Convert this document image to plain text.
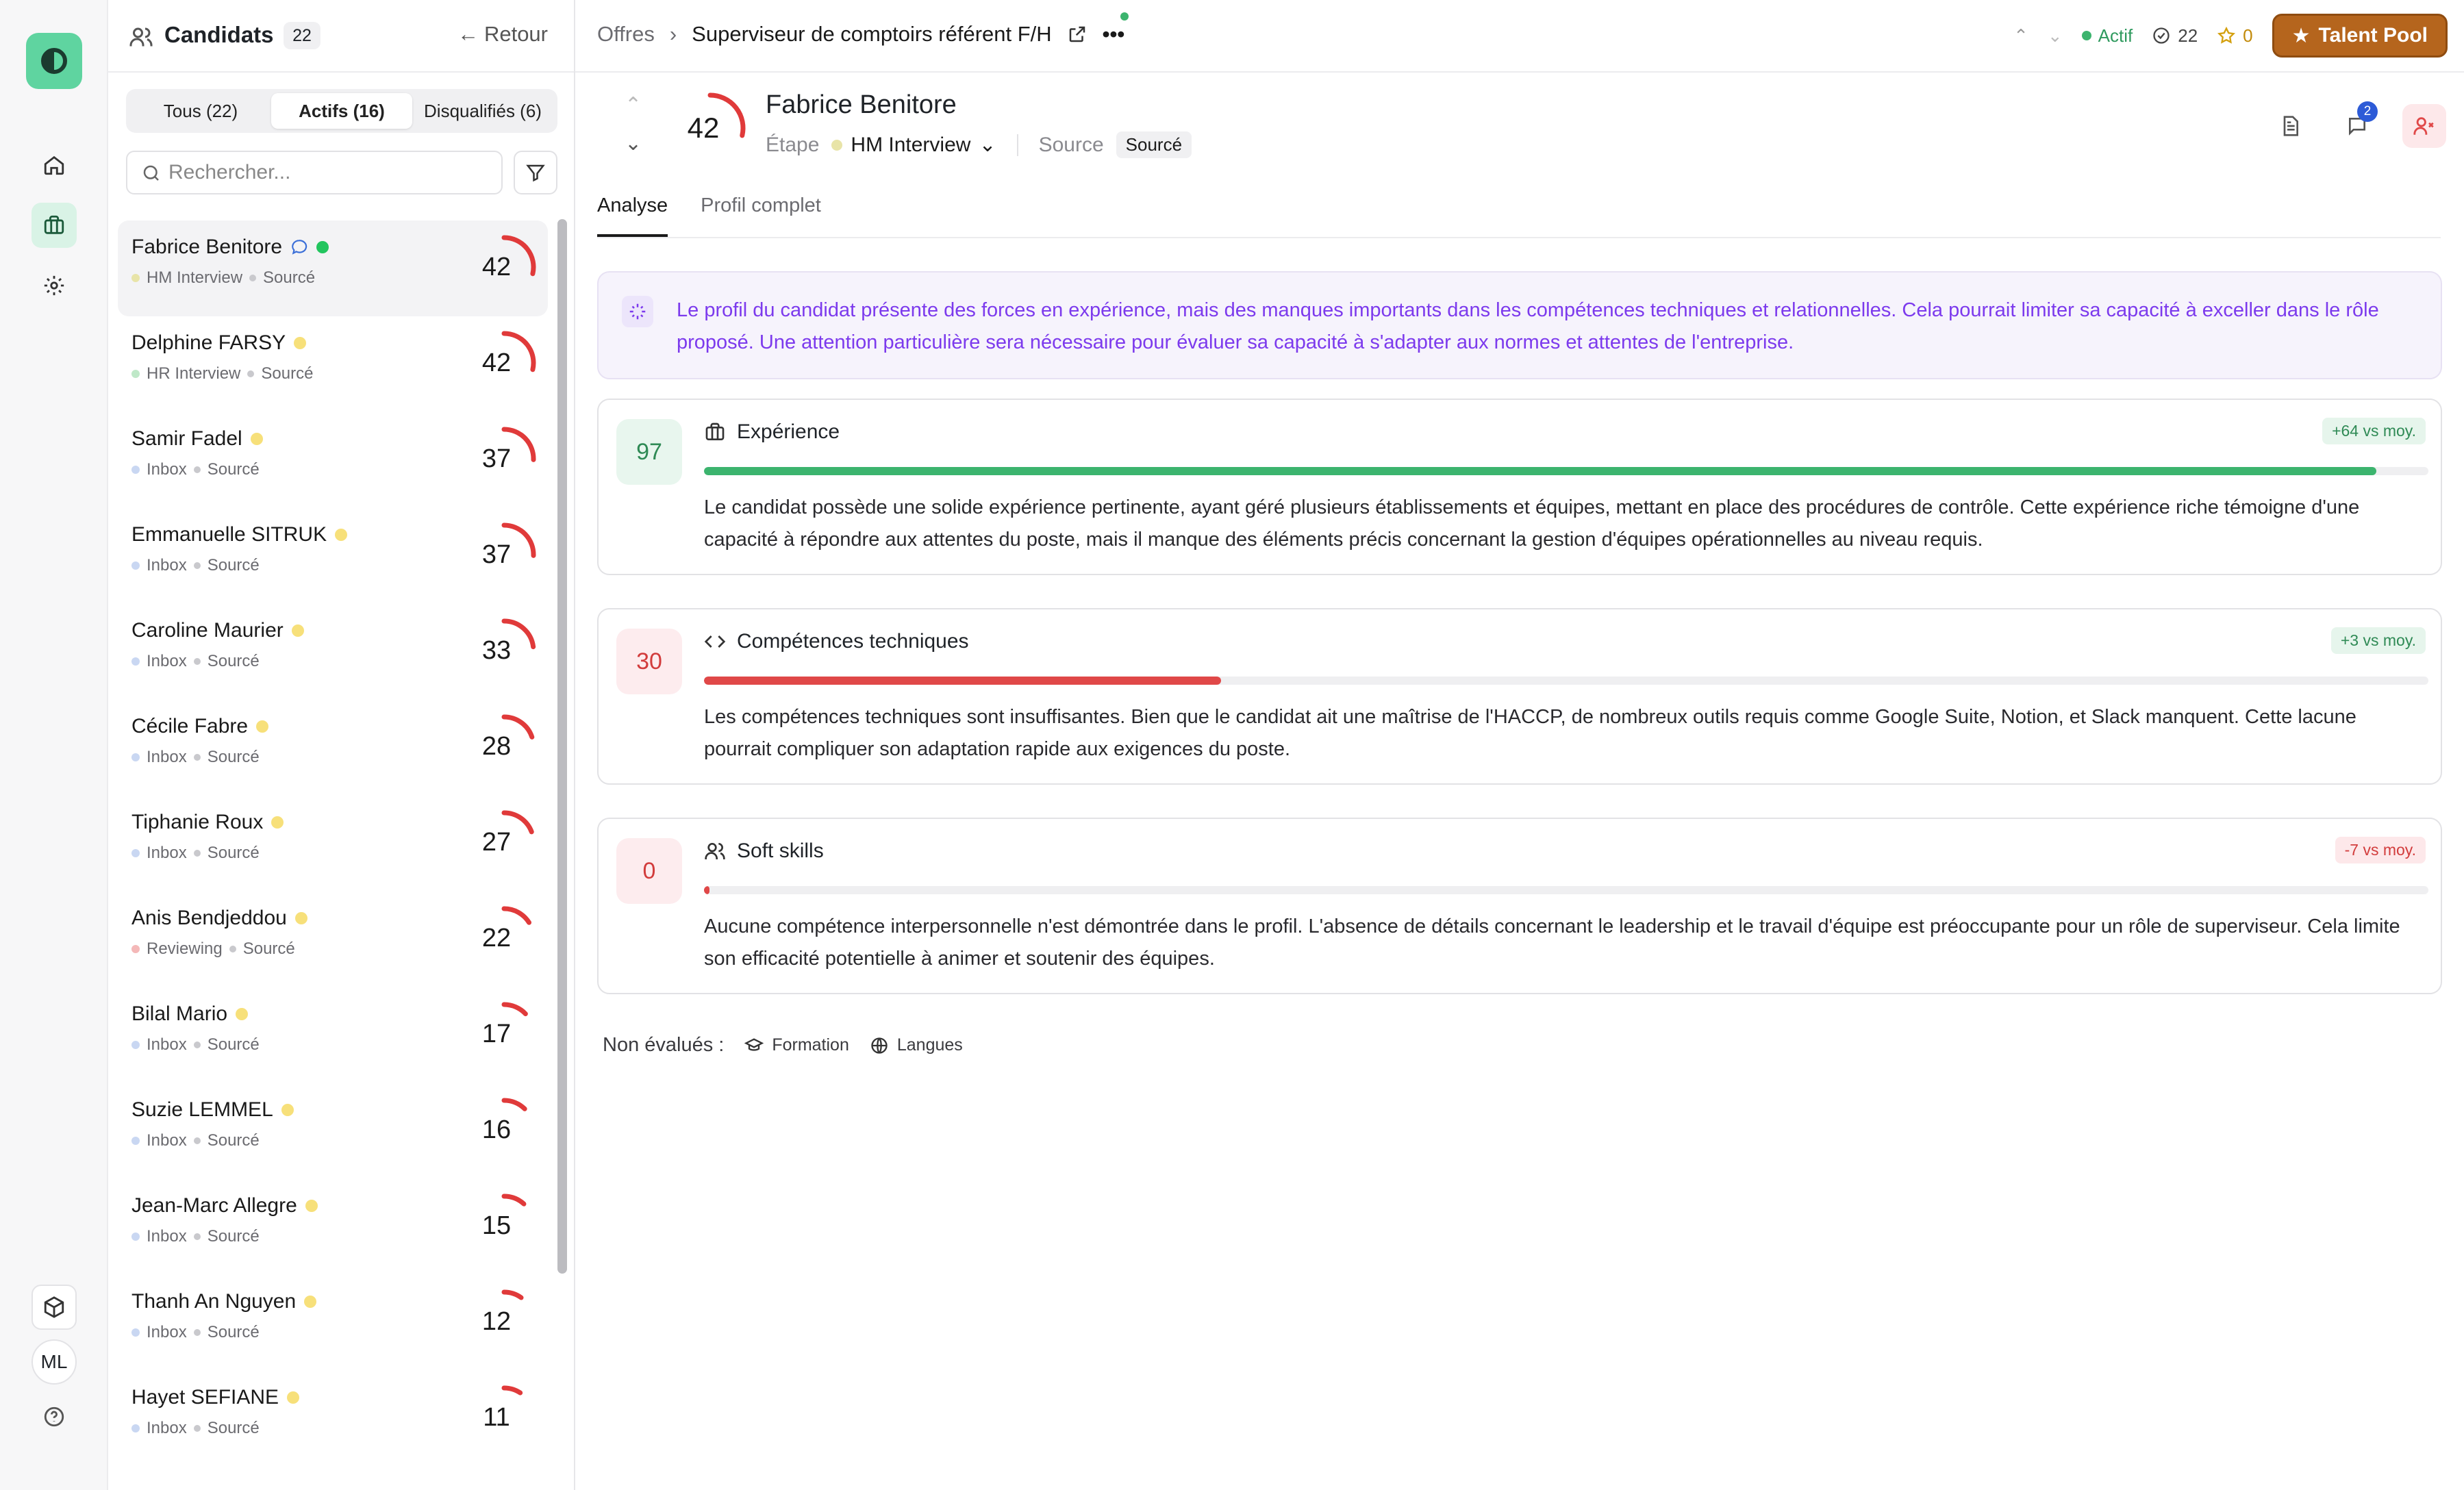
ML
Candidats	22	← Retour
Tous (22)	Actifs (16)	Disqualifiés (6)
Rechercher...
Fabrice Benitore
HM Interview Sourcé	42
Delphine FARSY
HR Interview Sourcé	42
Samir Fadel
Inbox Sourcé	37
Emmanuelle SITRUK
Inbox Sourcé	37
Caroline Maurier
Inbox Sourcé	33
Cécile Fabre
Inbox Sourcé	28
Tiphanie Roux
Inbox Sourcé	27
Anis Bendjeddou
Reviewing Sourcé	22
Bilal Mario
Inbox Sourcé	17
Suzie LEMMEL
Inbox Sourcé	16
Jean-Marc Allegre
Inbox Sourcé	15
Thanh An Nguyen
Inbox Sourcé	12
Hayet SEFIANE
Inbox Sourcé	11
Offres › Superviseur de comptoirs référent F/H •••	⌃ ⌄ Actif	22	0 ★ Talent Pool
⌃
⌄	42
Fabrice Benitore
Étape HM Interview ⌄ Source	Sourcé
2
Analyse Profil complet
Le profil du candidat présente des forces en expérience, mais des manques importants dans les compétences techniques et relationnelles. Cela pourrait limiter sa capacité à exceller dans le rôle proposé. Une attention particulière sera nécessaire pour évaluer sa capacité à s'adapter aux normes et attentes de l'entreprise.
97
Expérience	+64 vs moy.
Le candidat possède une solide expérience pertinente, ayant géré plusieurs établissements et équipes, mettant en place des procédures de contrôle. Cette expérience riche témoigne d'une capacité à répondre aux attentes du poste, mais il manque des éléments précis concernant la gestion d'équipes opérationnelles au niveau requis.
30
Compétences techniques	+3 vs moy.
Les compétences techniques sont insuffisantes. Bien que le candidat ait une maîtrise de l'HACCP, de nombreux outils requis comme Google Suite, Notion, et Slack manquent. Cette lacune pourrait compliquer son adaptation rapide aux exigences du poste.
0
Soft skills	-7 vs moy.
Aucune compétence interpersonnelle n'est démontrée dans le profil. L'absence de détails concernant le leadership et le travail d'équipe est préoccupante pour un rôle de superviseur. Cela limite son efficacité potentielle à animer et soutenir des équipes.
Non évalués :	Formation	Langues
